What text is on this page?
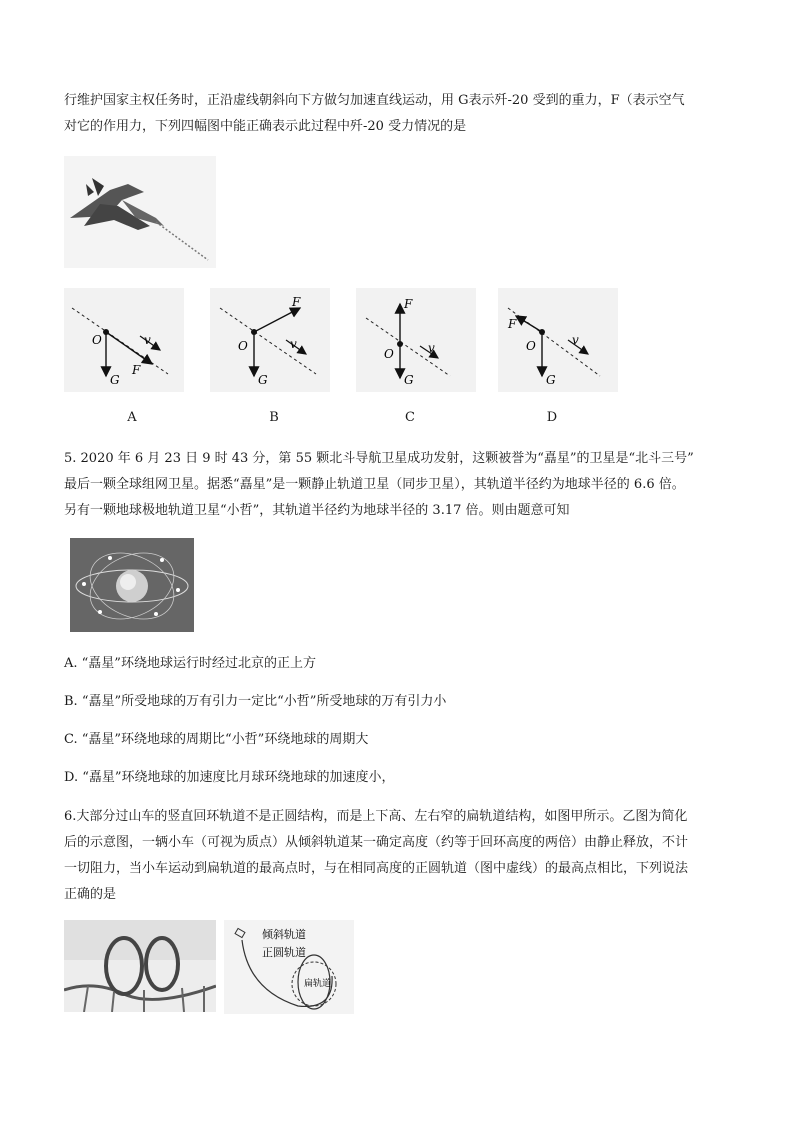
行维护国家主权任务时，正沿虚线朝斜向下方做匀加速直线运动，用 G表示歼-20 受到的重力，F（表示空气

对它的作用力，下列四幅图中能正确表示此过程中歼-20 受力情况的是

O
G
F
v	O
G
F
v
O
G
F
v	O
G
F
v
A	B	C	D

5. 2020 年 6 月 23 日 9 时 43 分，第 55 颗北斗导航卫星成功发射，这颗被誉为“嚞星”的卫星是“北斗三号”

最后一颗全球组网卫星。据悉“嚞星”是一颗静止轨道卫星（同步卫星），其轨道半径约为地球半径的 6.6 倍。

另有一颗地球极地轨道卫星“小哲”，其轨道半径约为地球半径的 3.17 倍。则由题意可知

A. “嚞星”环绕地球运行时经过北京的正上方

B. “嚞星”所受地球的万有引力一定比“小哲”所受地球的万有引力小

C. “嚞星”环绕地球的周期比“小哲”环绕地球的周期大

D. “嚞星”环绕地球的加速度比月球环绕地球的加速度小，

6.大部分过山车的竖直回环轨道不是正圆结构，而是上下高、左右窄的扁轨道结构，如图甲所示。乙图为简化

后的示意图，一辆小车（可视为质点）从倾斜轨道某一确定高度（约等于回环高度的两倍）由静止释放，不计

一切阻力，当小车运动到扁轨道的最高点时，与在相同高度的正圆轨道（图中虚线）的最高点相比，下列说法

正确的是

倾斜轨道
正圆轨道
扁轨道
